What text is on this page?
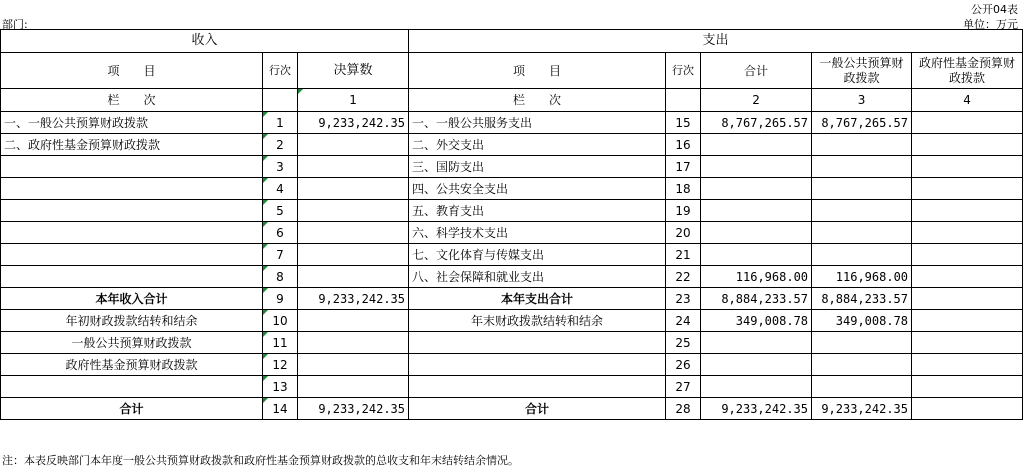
公开04表
部门:	单位：万元
收入			支出				
项　　目	行次	决算数	项　　目	行次	合计	一般公共预算财政拨款	政府性基金预算财政拨款

栏　　次		1	栏　　次		2	3	4
一、一般公共预算财政拨款	1	9,233,242.35	一、一般公共服务支出	15	8,767,265.57	8,767,265.57	
二、政府性基金预算财政拨款	2		二、外交支出	16			
	3		三、国防支出	17			
	4		四、公共安全支出	18			
	5		五、教育支出	19			
	6		六、科学技术支出	20			
	7		七、文化体育与传媒支出	21			
	8		八、社会保障和就业支出	22	116,968.00	116,968.00	
本年收入合计	9	9,233,242.35	本年支出合计	23	8,884,233.57	8,884,233.57	
年初财政拨款结转和结余	10		年末财政拨款结转和结余	24	349,008.78	349,008.78	
一般公共预算财政拨款	11			25			
政府性基金预算财政拨款	12			26			
	13			27			
合计	14	9,233,242.35	合计	28	9,233,242.35	9,233,242.35	
注：本表反映部门本年度一般公共预算财政拨款和政府性基金预算财政拨款的总收支和年末结转结余情况。
